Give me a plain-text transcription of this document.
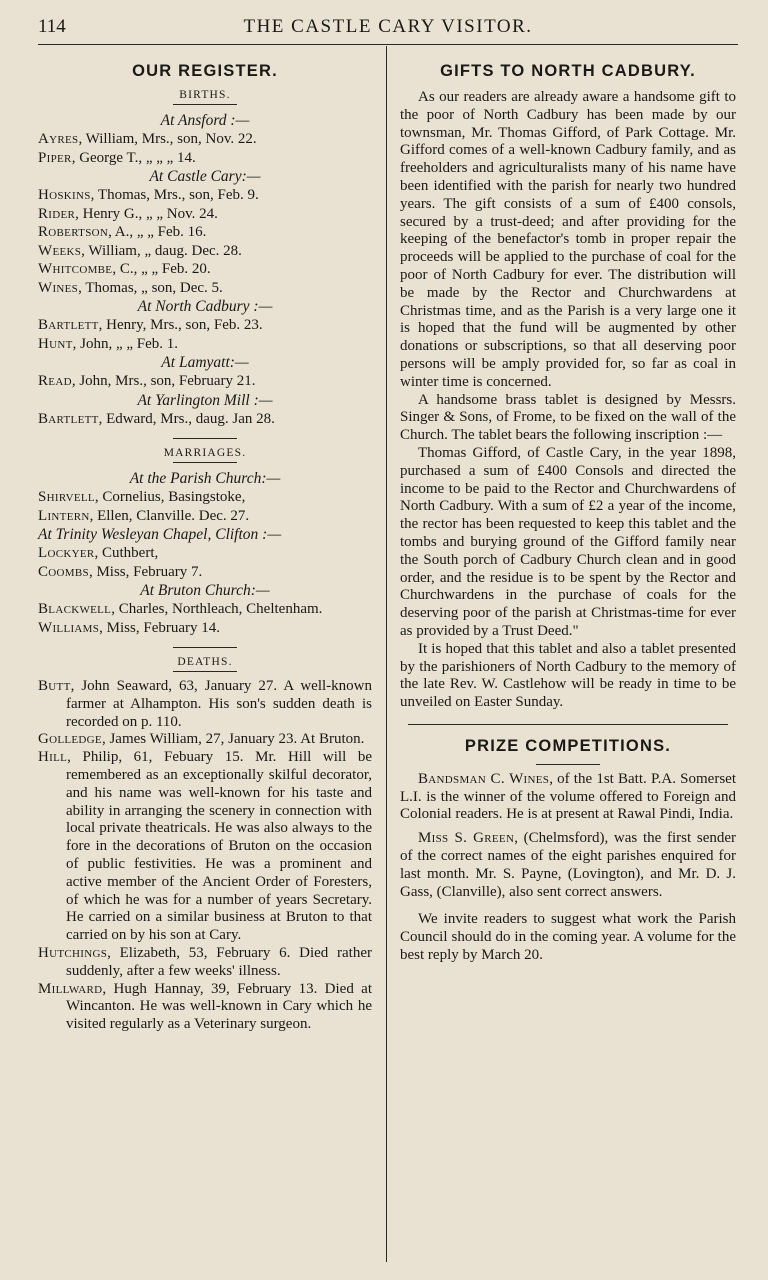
114	THE CASTLE CARY VISITOR.
OUR REGISTER.
BIRTHS.
At Ansford :—
Ayres, William, Mrs., son, Nov. 22.
Piper, George T., „ „ „ 14.
At Castle Cary:—
Hoskins, Thomas, Mrs., son, Feb. 9.
Rider, Henry G., „ „ Nov. 24.
Robertson, A., „ „ Feb. 16.
Weeks, William, „ daug. Dec. 28.
Whitcombe, C., „ „ Feb. 20.
Wines, Thomas, „ son, Dec. 5.
At North Cadbury :—
Bartlett, Henry, Mrs., son, Feb. 23.
Hunt, John, „ „ Feb. 1.
At Lamyatt:—
Read, John, Mrs., son, February 21.
At Yarlington Mill :—
Bartlett, Edward, Mrs., daug. Jan 28.
MARRIAGES.
At the Parish Church:—
Shirvell, Cornelius, Basingstoke,
Lintern, Ellen, Clanville. Dec. 27.
At Trinity Wesleyan Chapel, Clifton :—
Lockyer, Cuthbert,
Coombs, Miss, February 7.
At Bruton Church:—
Blackwell, Charles, Northleach, Cheltenham.
Williams, Miss, February 14.
DEATHS.

Butt, John Seaward, 63, January 27. A well-known farmer at Alhampton. His son's sudden death is recorded on p. 110.

Golledge, James William, 27, January 23. At Bruton.

Hill, Philip, 61, Febuary 15. Mr. Hill will be remembered as an exceptionally skilful decorator, and his name was well-known for his taste and ability in arranging the scenery in connection with local private theatricals. He was also always to the fore in the decorations of Bruton on the occasion of public festivities. He was a prominent and active member of the Ancient Order of Foresters, of which he was for a number of years Secretary. He carried on a similar business at Bruton to that carried on by his son at Cary.

Hutchings, Elizabeth, 53, February 6. Died rather suddenly, after a few weeks' illness.

Millward, Hugh Hannay, 39, February 13. Died at Wincanton. He was well-known in Cary which he visited regularly as a Veterinary surgeon.

GIFTS TO NORTH CADBURY.

As our readers are already aware a handsome gift to the poor of North Cadbury has been made by our townsman, Mr. Thomas Gifford, of Park Cottage. Mr. Gifford comes of a well-known Cadbury family, and as freeholders and agriculturalists many of his name have been identified with the parish for nearly two hundred years. The gift consists of a sum of £400 consols, secured by a trust-deed; and after providing for the keeping of the benefactor's tomb in proper repair the proceeds will be applied to the purchase of coal for the poor of North Cadbury for ever. The distribution will be made by the Rector and Churchwardens at Christmas time, and as the Parish is a very large one it is hoped that the fund will be augmented by other donations or subscriptions, so that all deserving poor persons will be amply provided for, so far as coal in winter time is concerned.

A handsome brass tablet is designed by Messrs. Singer & Sons, of Frome, to be fixed on the wall of the Church. The tablet bears the following inscription :—

Thomas Gifford, of Castle Cary, in the year 1898, purchased a sum of £400 Consols and directed the income to be paid to the Rector and Churchwardens of North Cadbury. With a sum of £2 a year of the income, the rector has been requested to keep this tablet and the tombs and burying ground of the Gifford family near the South porch of Cadbury Church clean and in good order, and the residue is to be spent by the Rector and Churchwardens in the purchase of coals for the deserving poor of the parish at Christmas-time for ever as provided by a Trust Deed."

It is hoped that this tablet and also a tablet presented by the parishioners of North Cadbury to the memory of the late Rev. W. Castlehow will be ready in time to be unveiled on Easter Sunday.

PRIZE COMPETITIONS.

Bandsman C. Wines, of the 1st Batt. P.A. Somerset L.I. is the winner of the volume offered to Foreign and Colonial readers. He is at present at Rawal Pindi, India.

Miss S. Green, (Chelmsford), was the first sender of the correct names of the eight parishes enquired for last month. Mr. S. Payne, (Lovington), and Mr. D. J. Gass, (Clanville), also sent correct answers.

We invite readers to suggest what work the Parish Council should do in the coming year. A volume for the best reply by March 20.
